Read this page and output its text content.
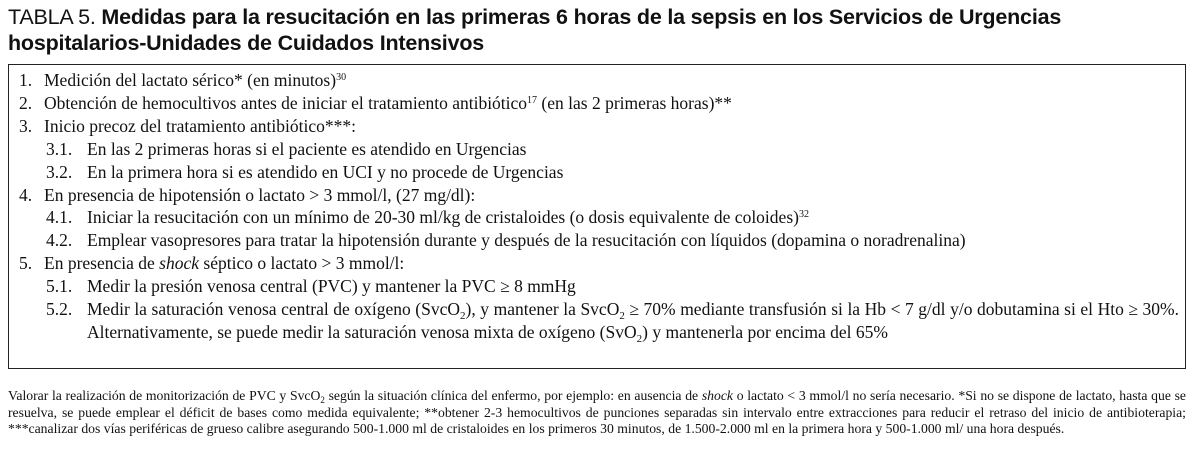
TABLA 5. Medidas para la resucitación en las primeras 6 horas de la sepsis en los Servicios de Urgencias hospitalarios-Unidades de Cuidados Intensivos
1. Medición del lactato sérico* (en minutos)$^{30}$
2. Obtención de hemocultivos antes de iniciar el tratamiento antibiótico$^{17}$ (en las 2 primeras horas)**
3. Inicio precoz del tratamiento antibiótico***:
3.1. En las 2 primeras horas si el paciente es atendido en Urgencias
3.2. En la primera hora si es atendido en UCI y no procede de Urgencias
4. En presencia de hipotensión o lactato > 3 mmol/l, (27 mg/dl):
4.1. Iniciar la resucitación con un mínimo de 20-30 ml/kg de cristaloides (o dosis equivalente de coloides)$^{32}$
4.2. Emplear vasopresores para tratar la hipotensión durante y después de la resucitación con líquidos (dopamina o noradrenalina)
5. En presencia de shock séptico o lactato > 3 mmol/l:
5.1. Medir la presión venosa central (PVC) y mantener la PVC ≥ 8 mmHg
5.2. Medir la saturación venosa central de oxígeno (SvcO$_2$), y mantener la SvcO$_2$ ≥ 70% mediante transfusión si la Hb < 7 g/dl y/o dobutamina si el Hto ≥ 30%. Alternativamente, se puede medir la saturación venosa mixta de oxígeno (SvO$_2$) y mantenerla por encima del 65%
Valorar la realización de monitorización de PVC y SvcO$_2$ según la situación clínica del enfermo, por ejemplo: en ausencia de shock o lactato < 3 mmol/l no sería necesario. *Si no se dispone de lactato, hasta que se resuelva, se puede emplear el déficit de bases como medida equivalente; **obtener 2-3 hemocultivos de punciones separadas sin intervalo entre extracciones para reducir el retraso del inicio de antibioterapia; ***canalizar dos vías periféricas de grueso calibre asegurando 500-1.000 ml de cristaloides en los primeros 30 minutos, de 1.500-2.000 ml en la primera hora y 500-1.000 ml/ una hora después.
